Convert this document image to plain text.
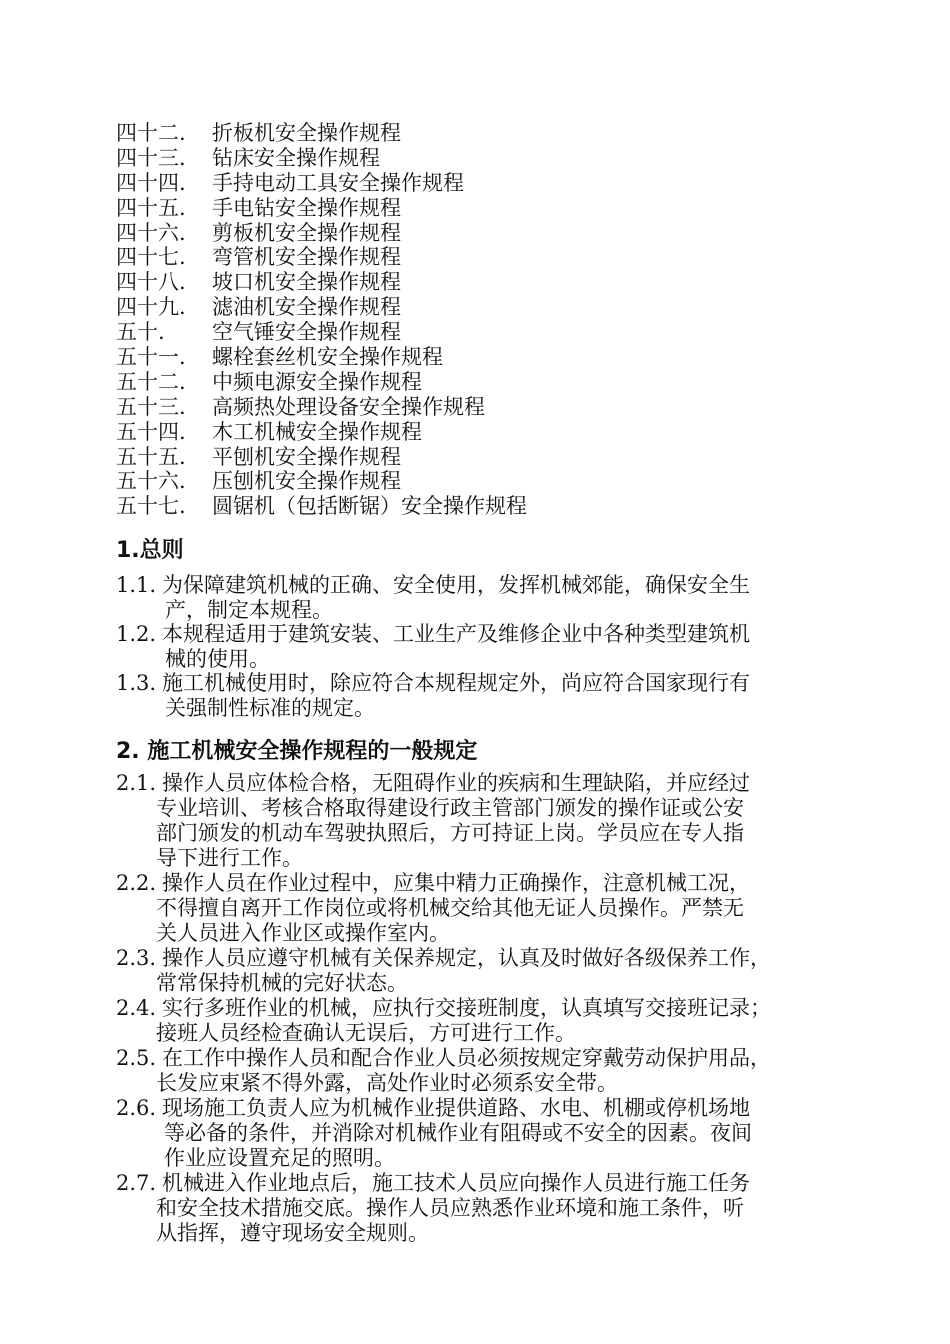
四十二. 折板机安全操作规程
四十三. 钻床安全操作规程
四十四. 手持电动工具安全操作规程
四十五. 手电钻安全操作规程
四十六. 剪板机安全操作规程
四十七. 弯管机安全操作规程
四十八. 坡口机安全操作规程
四十九. 滤油机安全操作规程
五十. 空气锤安全操作规程
五十一. 螺栓套丝机安全操作规程
五十二. 中频电源安全操作规程
五十三. 高频热处理设备安全操作规程
五十四. 木工机械安全操作规程
五十五. 平刨机安全操作规程
五十六. 压刨机安全操作规程
五十七. 圆锯机（包括断锯）安全操作规程
1.总则
1.1. 为保障建筑机械的正确、安全使用，发挥机械郊能，确保安全生
产，制定本规程。
1.2. 本规程适用于建筑安装、工业生产及维修企业中各种类型建筑机
械的使用。
1.3. 施工机械使用时，除应符合本规程规定外，尚应符合国家现行有
关强制性标准的规定。
2. 施工机械安全操作规程的一般规定
2.1. 操作人员应体检合格，无阻碍作业的疾病和生理缺陷，并应经过
专业培训、考核合格取得建设行政主管部门颁发的操作证或公安
部门颁发的机动车驾驶执照后，方可持证上岗。学员应在专人指
导下进行工作。
2.2. 操作人员在作业过程中，应集中精力正确操作，注意机械工况，
不得擅自离开工作岗位或将机械交给其他无证人员操作。严禁无
关人员进入作业区或操作室内。
2.3. 操作人员应遵守机械有关保养规定，认真及时做好各级保养工作，
常常保持机械的完好状态。
2.4. 实行多班作业的机械，应执行交接班制度，认真填写交接班记录；
接班人员经检查确认无误后，方可进行工作。
2.5. 在工作中操作人员和配合作业人员必须按规定穿戴劳动保护用品，
长发应束紧不得外露，高处作业时必须系安全带。
2.6. 现场施工负责人应为机械作业提供道路、水电、机棚或停机场地
等必备的条件，并消除对机械作业有阻碍或不安全的因素。夜间
作业应设置充足的照明。
2.7. 机械进入作业地点后，施工技术人员应向操作人员进行施工任务
和安全技术措施交底。操作人员应熟悉作业环境和施工条件，听
从指挥，遵守现场安全规则。
